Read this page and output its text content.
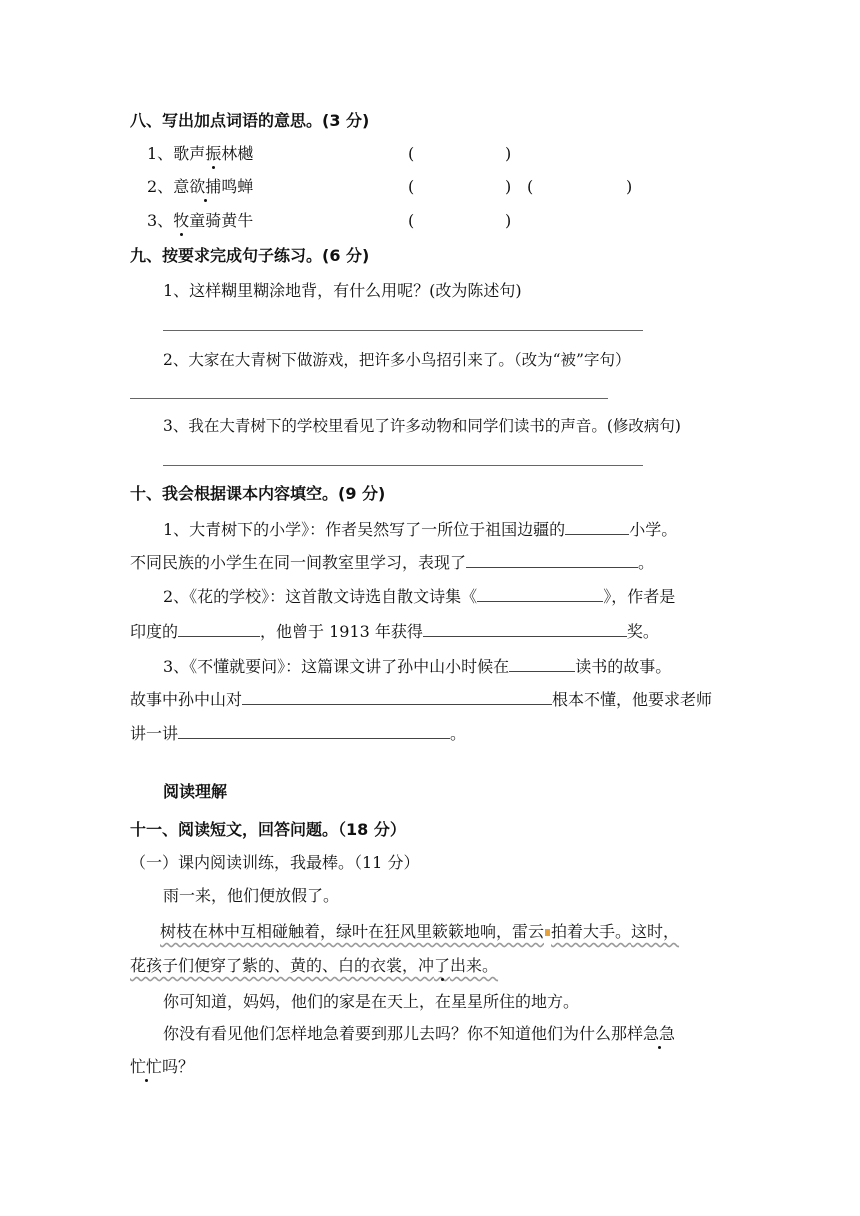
八、写出加点词语的意思。(3 分)
1、歌声振林樾	(	)
2、意欲捕鸣蝉	(	) (	)
3、牧童骑黄牛	(	)
九、按要求完成句子练习。(6 分)
1、这样糊里糊涂地背，有什么用呢？(改为陈述句)
2、大家在大青树下做游戏，把许多小鸟招引来了。（改为“被”字句）
3、我在大青树下的学校里看见了许多动物和同学们读书的声音。(修改病句)
十、我会根据课本内容填空。(9 分)
1、大青树下的小学》：作者吴然写了一所位于祖国边疆的	小学。
不同民族的小学生在同一间教室里学习，表现了	。
2、《花的学校》：这首散文诗选自散文诗集《	》，作者是
印度的	，他曾于 1913 年获得	奖。
3、《不懂就要问》：这篇课文讲了孙中山小时候在	读书的故事。
故事中孙中山对	根本不懂，他要求老师
讲一讲	。
阅读理解
十一、阅读短文，回答问题。（18 分）
（一）课内阅读训练，我最棒。（11 分）
雨一来，他们便放假了。
树枝在林中互相碰触着，绿叶在狂风里簌簌地响，雷云 拍着大手。这时，
花孩子们便穿了紫的、黄的、白的衣裳，冲了出来。
你可知道，妈妈，他们的家是在天上，在星星所住的地方。
你没有看见他们怎样地急着要到那儿去吗？你不知道他们为什么那样急急
忙忙吗？
